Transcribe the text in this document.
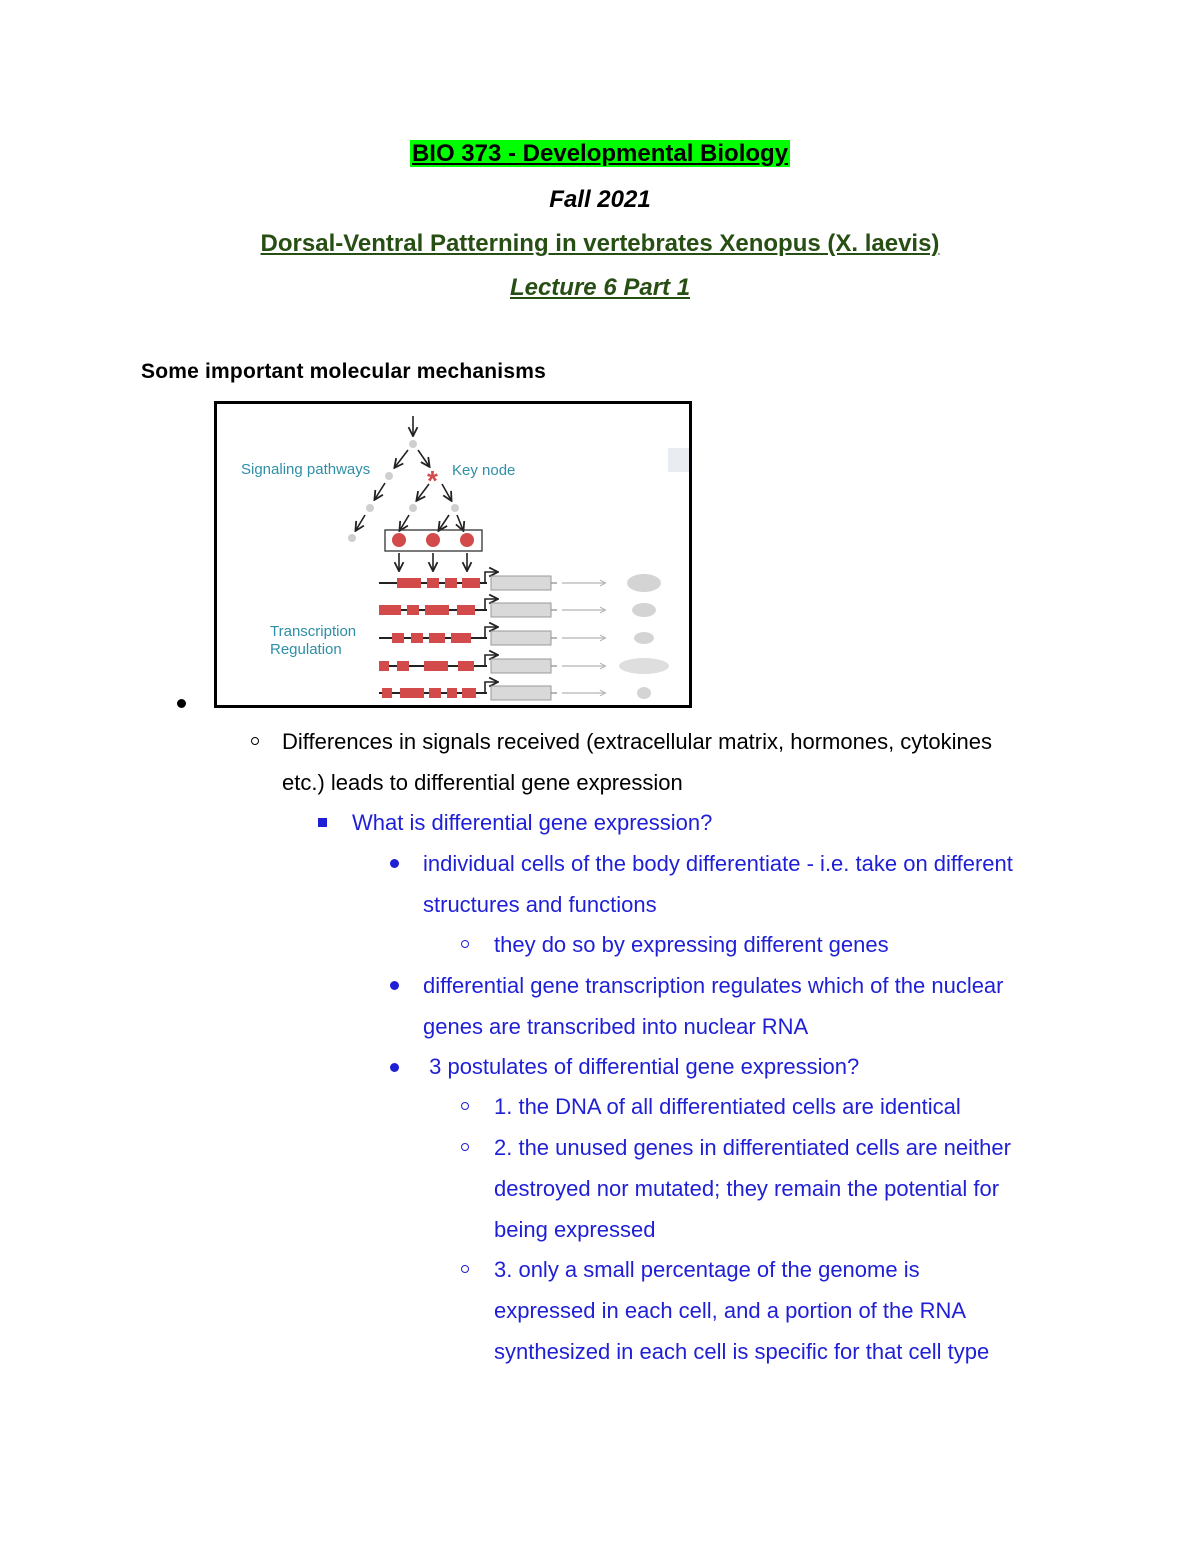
BIO 373 - Developmental Biology
Fall 2021
Dorsal-Ventral Patterning in vertebrates Xenopus (X. laevis)
Lecture 6 Part 1
Some important molecular mechanisms
*
Signaling pathways	Key node
Transcription
Regulation
Differences in signals received (extracellular matrix, hormones, cytokines
etc.) leads to differential gene expression
What is differential gene expression?
individual cells of the body differentiate - i.e. take on different
structures and functions
they do so by expressing different genes
differential gene transcription regulates which of the nuclear
genes are transcribed into nuclear RNA
3 postulates of differential gene expression?
1. the DNA of all differentiated cells are identical
2. the unused genes in differentiated cells are neither
destroyed nor mutated; they remain the potential for
being expressed
3. only a small percentage of the genome is
expressed in each cell, and a portion of the RNA
synthesized in each cell is specific for that cell type
